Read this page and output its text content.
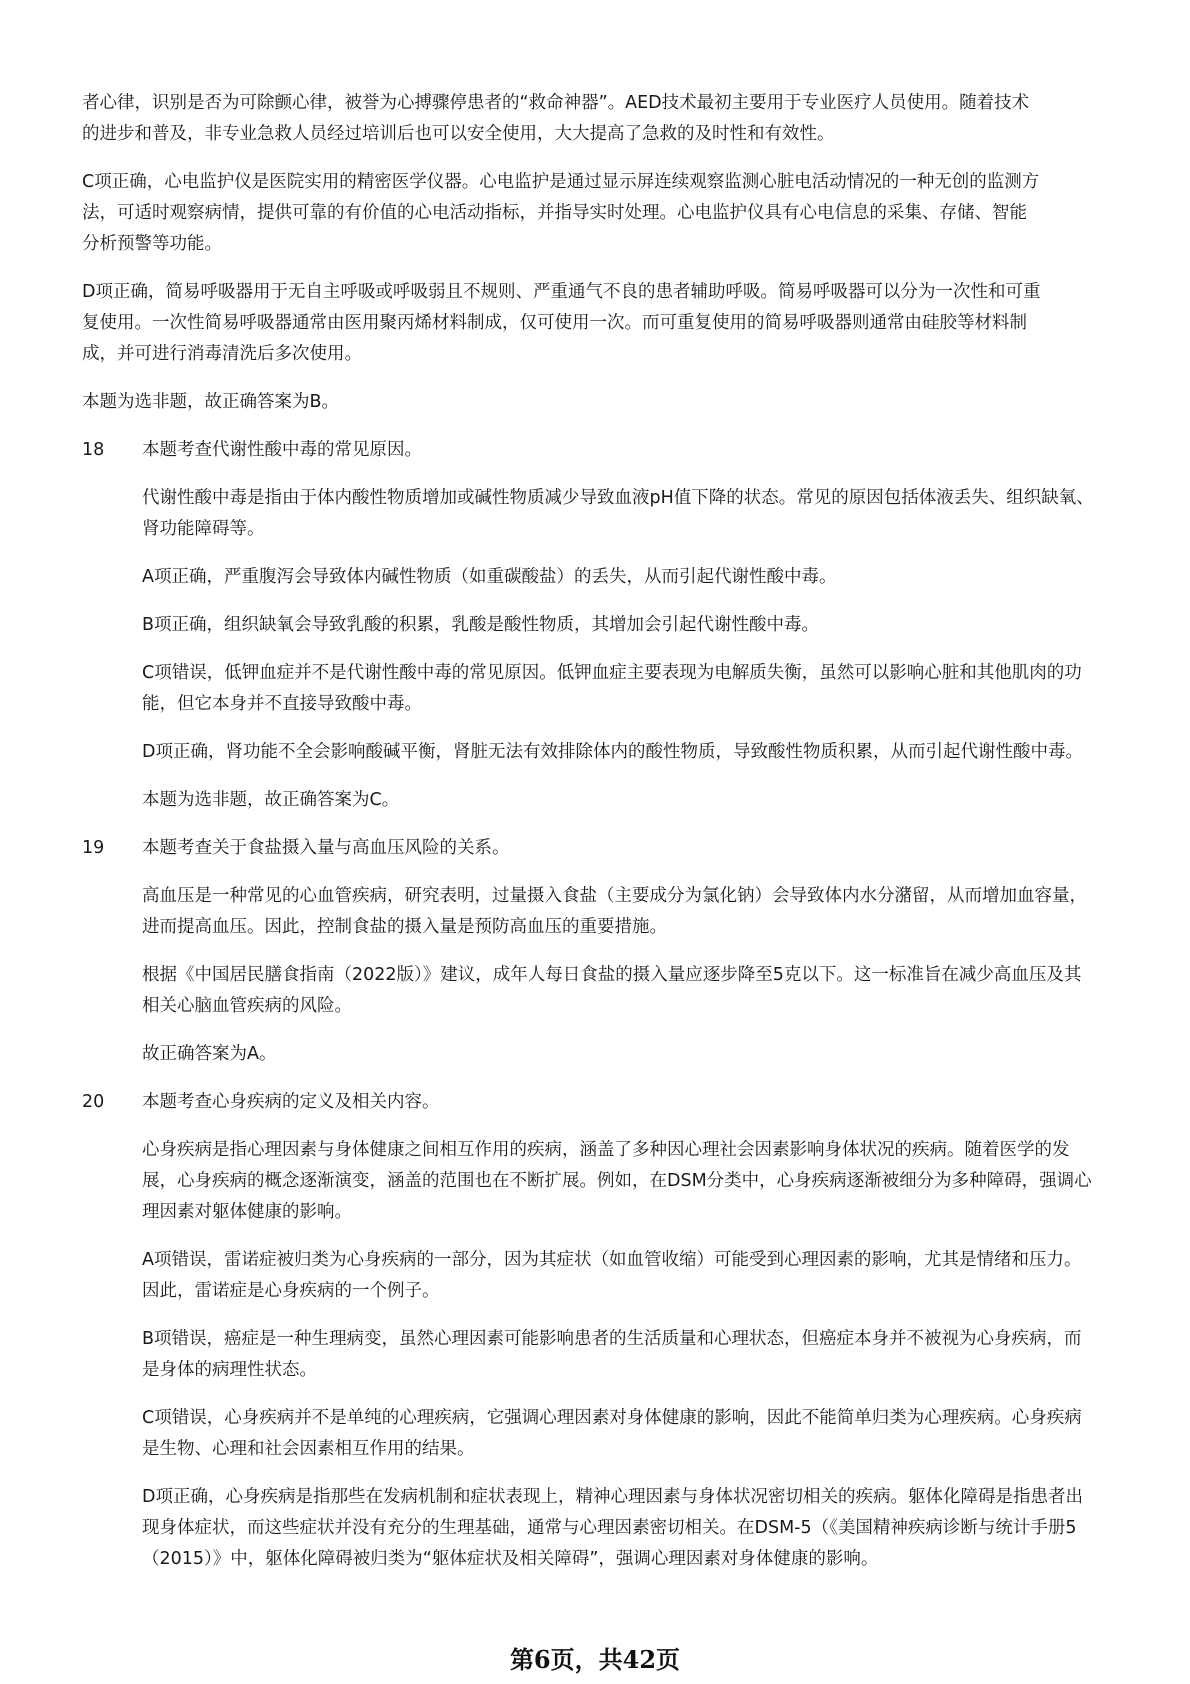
者心律，识别是否为可除颤心律，被誉为心搏骤停患者的“救命神器”。AED技术最初主要用于专业医疗人员使用。随着技术的进步和普及，非专业急救人员经过培训后也可以安全使用，大大提高了急救的及时性和有效性。

C项正确，心电监护仪是医院实用的精密医学仪器。心电监护是通过显示屏连续观察监测心脏电活动情况的一种无创的监测方法，可适时观察病情，提供可靠的有价值的心电活动指标，并指导实时处理。心电监护仪具有心电信息的采集、存储、智能分析预警等功能。

D项正确，简易呼吸器用于无自主呼吸或呼吸弱且不规则、严重通气不良的患者辅助呼吸。简易呼吸器可以分为一次性和可重复使用。一次性简易呼吸器通常由医用聚丙烯材料制成，仅可使用一次。而可重复使用的简易呼吸器则通常由硅胶等材料制成，并可进行消毒清洗后多次使用。

本题为选非题，故正确答案为B。

18	本题考查代谢性酸中毒的常见原因。

代谢性酸中毒是指由于体内酸性物质增加或碱性物质减少导致血液pH值下降的状态。常见的原因包括体液丢失、组织缺氧、肾功能障碍等。

A项正确，严重腹泻会导致体内碱性物质（如重碳酸盐）的丢失，从而引起代谢性酸中毒。

B项正确，组织缺氧会导致乳酸的积累，乳酸是酸性物质，其增加会引起代谢性酸中毒。

C项错误，低钾血症并不是代谢性酸中毒的常见原因。低钾血症主要表现为电解质失衡，虽然可以影响心脏和其他肌肉的功能，但它本身并不直接导致酸中毒。

D项正确，肾功能不全会影响酸碱平衡，肾脏无法有效排除体内的酸性物质，导致酸性物质积累，从而引起代谢性酸中毒。

本题为选非题，故正确答案为C。

19	本题考查关于食盐摄入量与高血压风险的关系。

高血压是一种常见的心血管疾病，研究表明，过量摄入食盐（主要成分为氯化钠）会导致体内水分潴留，从而增加血容量，进而提高血压。因此，控制食盐的摄入量是预防高血压的重要措施。

根据《中国居民膳食指南（2022版）》建议，成年人每日食盐的摄入量应逐步降至5克以下。这一标准旨在减少高血压及其相关心脑血管疾病的风险。

故正确答案为A。

20	本题考查心身疾病的定义及相关内容。

心身疾病是指心理因素与身体健康之间相互作用的疾病，涵盖了多种因心理社会因素影响身体状况的疾病。随着医学的发展，心身疾病的概念逐渐演变，涵盖的范围也在不断扩展。例如，在DSM分类中，心身疾病逐渐被细分为多种障碍，强调心理因素对躯体健康的影响。

A项错误，雷诺症被归类为心身疾病的一部分，因为其症状（如血管收缩）可能受到心理因素的影响，尤其是情绪和压力。因此，雷诺症是心身疾病的一个例子。

B项错误，癌症是一种生理病变，虽然心理因素可能影响患者的生活质量和心理状态，但癌症本身并不被视为心身疾病，而是身体的病理性状态。

C项错误，心身疾病并不是单纯的心理疾病，它强调心理因素对身体健康的影响，因此不能简单归类为心理疾病。心身疾病是生物、心理和社会因素相互作用的结果。

D项正确，心身疾病是指那些在发病机制和症状表现上，精神心理因素与身体状况密切相关的疾病。躯体化障碍是指患者出现身体症状，而这些症状并没有充分的生理基础，通常与心理因素密切相关。在DSM-5（《美国精神疾病诊断与统计手册5（2015）》中，躯体化障碍被归类为“躯体症状及相关障碍”，强调心理因素对身体健康的影响。

第6页，共42页
